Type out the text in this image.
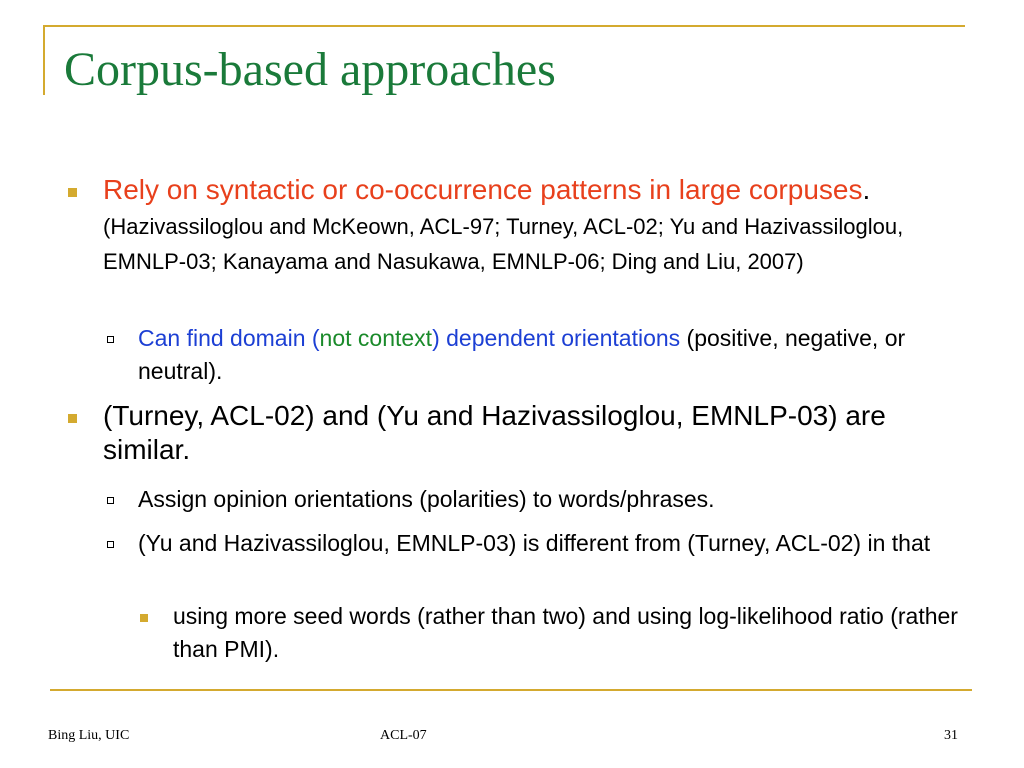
Corpus-based approaches
Rely on syntactic or co-occurrence patterns in large corpuses. (Hazivassiloglou and McKeown, ACL-97; Turney, ACL-02; Yu and Hazivassiloglou, EMNLP-03; Kanayama and Nasukawa, EMNLP-06; Ding and Liu, 2007)
Can find domain (not context) dependent orientations (positive, negative, or neutral).
(Turney, ACL-02) and (Yu and Hazivassiloglou, EMNLP-03) are similar.
Assign opinion orientations (polarities) to words/phrases.
(Yu and Hazivassiloglou, EMNLP-03) is different from (Turney, ACL-02) in that
using more seed words (rather than two) and using log-likelihood ratio (rather than PMI).
Bing Liu, UIC	ACL-07	31
